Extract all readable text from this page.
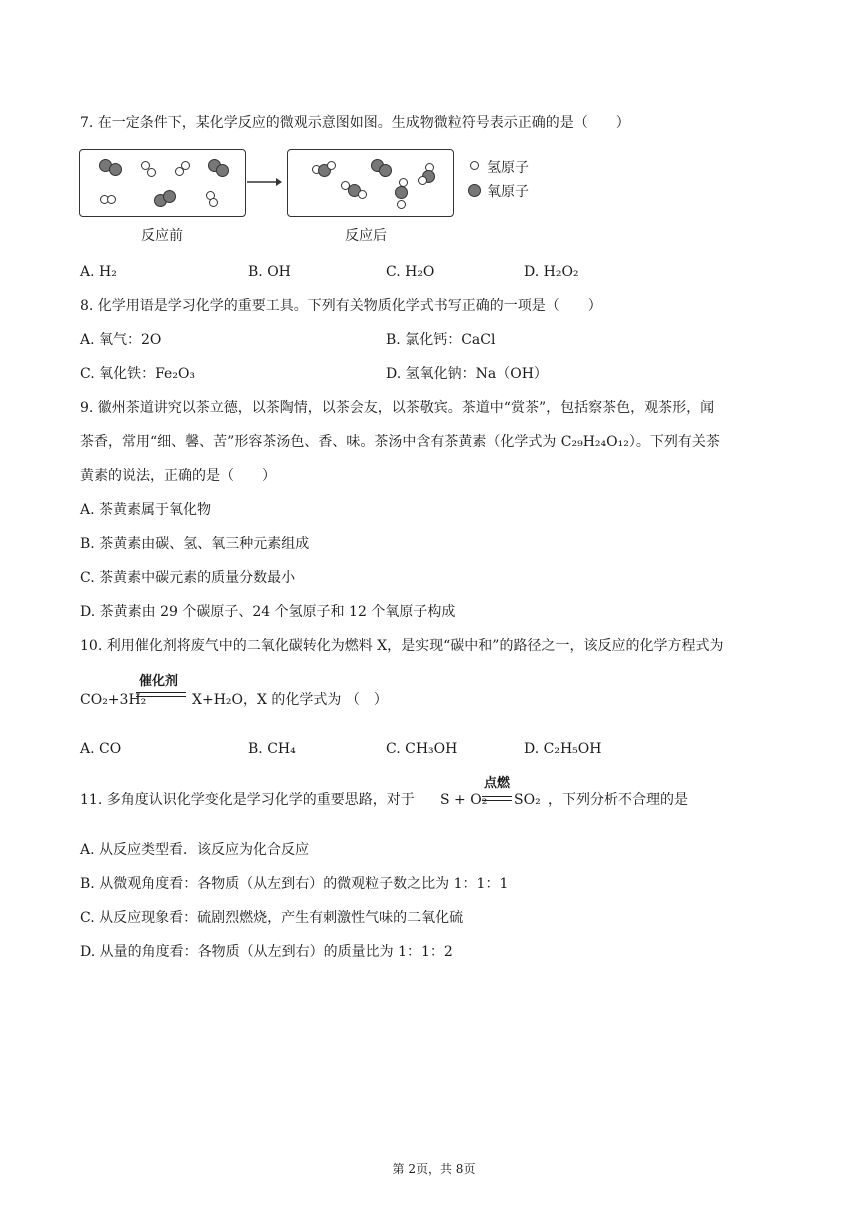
7. 在一定条件下，某化学反应的微观示意图如图。生成物微粒符号表示正确的是（　　）
氢原子
氧原子
反应前	反应后
A. H₂	B. OH	C. H₂O	D. H₂O₂
8. 化学用语是学习化学的重要工具。下列有关物质化学式书写正确的一项是（　　）
A. 氧气：2O	B. 氯化钙：CaCl
C. 氧化铁：Fe₂O₃	D. 氢氧化钠：Na（OH）
9. 徽州茶道讲究以茶立德，以茶陶情，以茶会友，以茶敬宾。茶道中“赏茶”，包括察茶色，观茶形，闻
茶香，常用“细、馨、苦”形容茶汤色、香、味。茶汤中含有茶黄素（化学式为 C₂₉H₂₄O₁₂）。下列有关茶
黄素的说法，正确的是（　　）
A. 茶黄素属于氧化物
B. 茶黄素由碳、氢、氧三种元素组成
C. 茶黄素中碳元素的质量分数最小
D. 茶黄素由 29 个碳原子、24 个氢原子和 12 个氧原子构成
10. 利用催化剂将废气中的二氧化碳转化为燃料 X，是实现“碳中和”的路径之一，该反应的化学方程式为
CO₂+3H₂
催化剂
X+H₂O，X 的化学式为 （　）
A. CO	B. CH₄	C. CH₃OH	D. C₂H₅OH
11. 多角度认识化学变化是学习化学的重要思路，对于 S + O₂
点燃
SO₂ ，下列分析不合理的是
A. 从反应类型看．该反应为化合反应
B. 从微观角度看：各物质（从左到右）的微观粒子数之比为 1：1：1
C. 从反应现象看：硫剧烈燃烧，产生有刺激性气味的二氧化硫
D. 从量的角度看：各物质（从左到右）的质量比为 1：1：2
第 2页，共 8页
